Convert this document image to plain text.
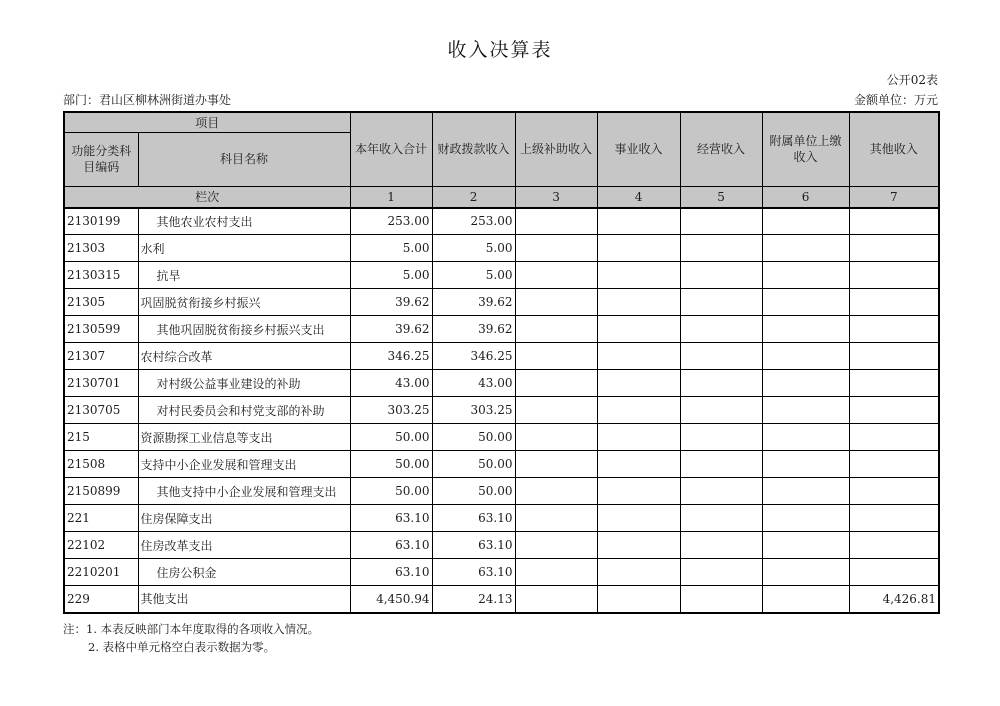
收入决算表
公开02表
部门：君山区柳林洲街道办事处	金额单位：万元
项目		本年收入合计	财政拨款收入	上级补助收入	事业收入	经营收入	附属单位上缴收入	其他收入
功能分类科目编码	科目名称							
栏次		1	2	3	4	5	6	7
2130199	其他农业农村支出	253.00	253.00					
21303	水利	5.00	5.00					
2130315	抗旱	5.00	5.00					
21305	巩固脱贫衔接乡村振兴	39.62	39.62					
2130599	其他巩固脱贫衔接乡村振兴支出	39.62	39.62					
21307	农村综合改革	346.25	346.25					
2130701	对村级公益事业建设的补助	43.00	43.00					
2130705	对村民委员会和村党支部的补助	303.25	303.25					
215	资源勘探工业信息等支出	50.00	50.00					
21508	支持中小企业发展和管理支出	50.00	50.00					
2150899	其他支持中小企业发展和管理支出	50.00	50.00					
221	住房保障支出	63.10	63.10					
22102	住房改革支出	63.10	63.10					
2210201	住房公积金	63.10	63.10					
229	其他支出	4,450.94	24.13					4,426.81
注：1. 本表反映部门本年度取得的各项收入情况。
2. 表格中单元格空白表示数据为零。
